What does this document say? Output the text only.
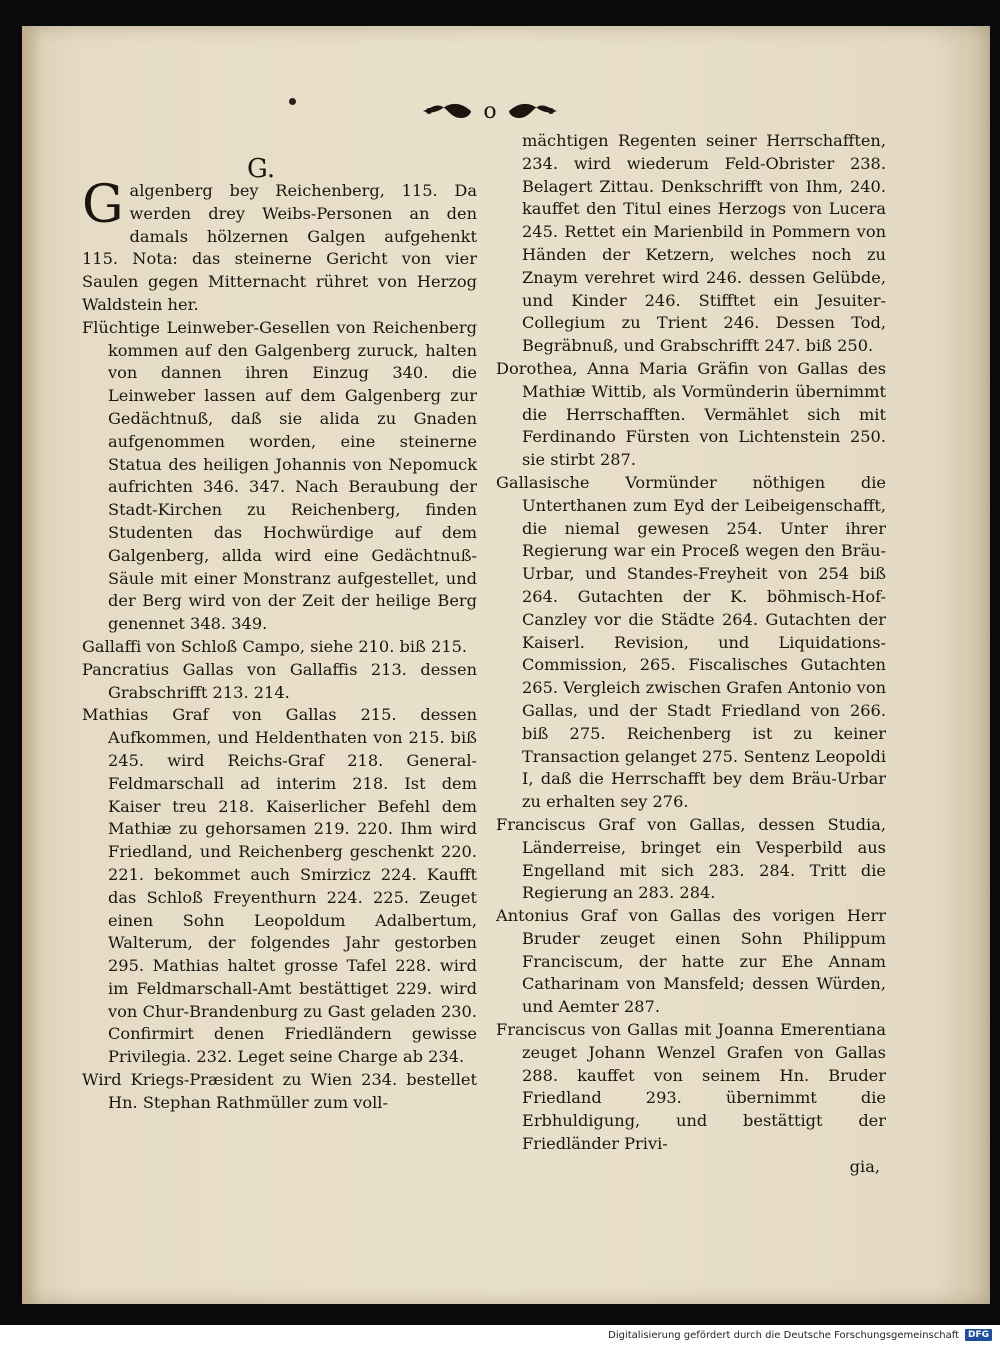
o
G.

Galgenberg bey Reichenberg, 115. Da werden drey Weibs-Personen an den damals hölzernen Galgen aufgehenkt 115. Nota: das steinerne Gericht von vier Saulen gegen Mitternacht rühret von Herzog Waldstein her.

Flüchtige Leinweber-Gesellen von Reichenberg kommen auf den Galgenberg zuruck, halten von dannen ihren Einzug 340. die Leinweber lassen auf dem Galgenberg zur Gedächtnuß, daß sie alida zu Gnaden aufgenommen worden, eine steinerne Statua des heiligen Johannis von Nepomuck aufrichten 346. 347. Nach Beraubung der Stadt-Kirchen zu Reichenberg, finden Studenten das Hochwürdige auf dem Galgenberg, allda wird eine Gedächtnuß-Säule mit einer Monstranz aufgestellet, und der Berg wird von der Zeit der heilige Berg genennet 348. 349.

Gallaffi von Schloß Campo, siehe 210. biß 215.

Pancratius Gallas von Gallaffis 213. dessen Grabschrifft 213. 214.

Mathias Graf von Gallas 215. dessen Aufkommen, und Heldenthaten von 215. biß 245. wird Reichs-Graf 218. General-Feldmarschall ad interim 218. Ist dem Kaiser treu 218. Kaiserlicher Befehl dem Mathiæ zu gehorsamen 219. 220. Ihm wird Friedland, und Reichenberg geschenkt 220. 221. bekommet auch Smirzicz 224. Kaufft das Schloß Freyenthurn 224. 225. Zeuget einen Sohn Leopoldum Adalbertum, Walterum, der folgendes Jahr gestorben 295. Mathias haltet grosse Tafel 228. wird im Feldmarschall-Amt bestättiget 229. wird von Chur-Brandenburg zu Gast geladen 230. Confirmirt denen Friedländern gewisse Privilegia. 232. Leget seine Charge ab 234.

Wird Kriegs-Præsident zu Wien 234. bestellet Hn. Stephan Rathmüller zum voll-

mächtigen Regenten seiner Herrschafften, 234. wird wiederum Feld-Obrister 238. Belagert Zittau. Denkschrifft von Ihm, 240. kauffet den Titul eines Herzogs von Lucera 245. Rettet ein Marienbild in Pommern von Händen der Ketzern, welches noch zu Znaym verehret wird 246. dessen Gelübde, und Kinder 246. Stifftet ein Jesuiter-Collegium zu Trient 246. Dessen Tod, Begräbnuß, und Grabschrifft 247. biß 250.

Dorothea, Anna Maria Gräfin von Gallas des Mathiæ Wittib, als Vormünderin übernimmt die Herrschafften. Vermählet sich mit Ferdinando Fürsten von Lichtenstein 250. sie stirbt 287.

Gallasische Vormünder nöthigen die Unterthanen zum Eyd der Leibeigenschafft, die niemal gewesen 254. Unter ihrer Regierung war ein Proceß wegen den Bräu-Urbar, und Standes-Freyheit von 254 biß 264. Gutachten der K. böhmisch-Hof-Canzley vor die Städte 264. Gutachten der Kaiserl. Revision, und Liquidations-Commission, 265. Fiscalisches Gutachten 265. Vergleich zwischen Grafen Antonio von Gallas, und der Stadt Friedland von 266. biß 275. Reichenberg ist zu keiner Transaction gelanget 275. Sentenz Leopoldi I, daß die Herrschafft bey dem Bräu-Urbar zu erhalten sey 276.

Franciscus Graf von Gallas, dessen Studia, Länderreise, bringet ein Vesperbild aus Engelland mit sich 283. 284. Tritt die Regierung an 283. 284.

Antonius Graf von Gallas des vorigen Herr Bruder zeuget einen Sohn Philippum Franciscum, der hatte zur Ehe Annam Catharinam von Mansfeld; dessen Würden, und Aemter 287.

Franciscus von Gallas mit Joanna Emerentiana zeuget Johann Wenzel Grafen von Gallas 288. kauffet von seinem Hn. Bruder Friedland 293. übernimmt die Erbhuldigung, und bestättigt der Friedländer Privi-

gia,

Digitalisierung gefördert durch die Deutsche Forschungsgemeinschaft	DFG
